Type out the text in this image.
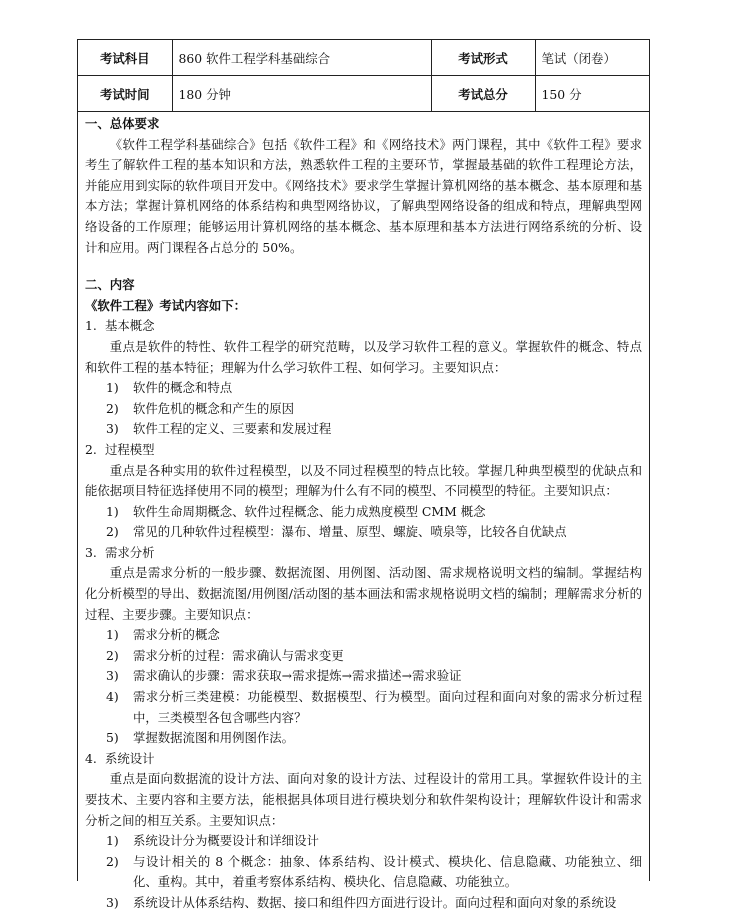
考试科目	860 软件工程学科基础综合	考试形式	笔试（闭卷）
考试时间	180 分钟	考试总分	150 分

一、总体要求

《软件工程学科基础综合》包括《软件工程》和《网络技术》两门课程，其中《软件工程》要求考生了解软件工程的基本知识和方法，熟悉软件工程的主要环节，掌握最基础的软件工程理论方法，并能应用到实际的软件项目开发中。《网络技术》要求学生掌握计算机网络的基本概念、基本原理和基本方法；掌握计算机网络的体系结构和典型网络协议，了解典型网络设备的组成和特点，理解典型网络设备的工作原理；能够运用计算机网络的基本概念、基本原理和基本方法进行网络系统的分析、设计和应用。两门课程各占总分的 50%。

二、内容

《软件工程》考试内容如下：

1. 基本概念

重点是软件的特性、软件工程学的研究范畴，以及学习软件工程的意义。掌握软件的概念、特点和软件工程的基本特征；理解为什么学习软件工程、如何学习。主要知识点：

1)	软件的概念和特点
2)	软件危机的概念和产生的原因
3)	软件工程的定义、三要素和发展过程

2. 过程模型

重点是各种实用的软件过程模型，以及不同过程模型的特点比较。掌握几种典型模型的优缺点和能依据项目特征选择使用不同的模型；理解为什么有不同的模型、不同模型的特征。主要知识点：

1)	软件生命周期概念、软件过程概念、能力成熟度模型 CMM 概念
2)	常见的几种软件过程模型：瀑布、增量、原型、螺旋、喷泉等，比较各自优缺点

3. 需求分析

重点是需求分析的一般步骤、数据流图、用例图、活动图、需求规格说明文档的编制。掌握结构化分析模型的导出、数据流图/用例图/活动图的基本画法和需求规格说明文档的编制；理解需求分析的过程、主要步骤。主要知识点：

1)	需求分析的概念
2)	需求分析的过程：需求确认与需求变更
3)	需求确认的步骤：需求获取→需求提炼→需求描述→需求验证
4)	需求分析三类建模：功能模型、数据模型、行为模型。面向过程和面向对象的需求分析过程中，三类模型各包含哪些内容？
5)	掌握数据流图和用例图作法。

4. 系统设计

重点是面向数据流的设计方法、面向对象的设计方法、过程设计的常用工具。掌握软件设计的主要技术、主要内容和主要方法，能根据具体项目进行模块划分和软件架构设计；理解软件设计和需求分析之间的相互关系。主要知识点：

1)	系统设计分为概要设计和详细设计
2)	与设计相关的 8 个概念：抽象、体系结构、设计模式、模块化、信息隐藏、功能独立、细化、重构。其中，着重考察体系结构、模块化、信息隐藏、功能独立。
3)	系统设计从体系结构、数据、接口和组件四方面进行设计。面向过程和面向对象的系统设
